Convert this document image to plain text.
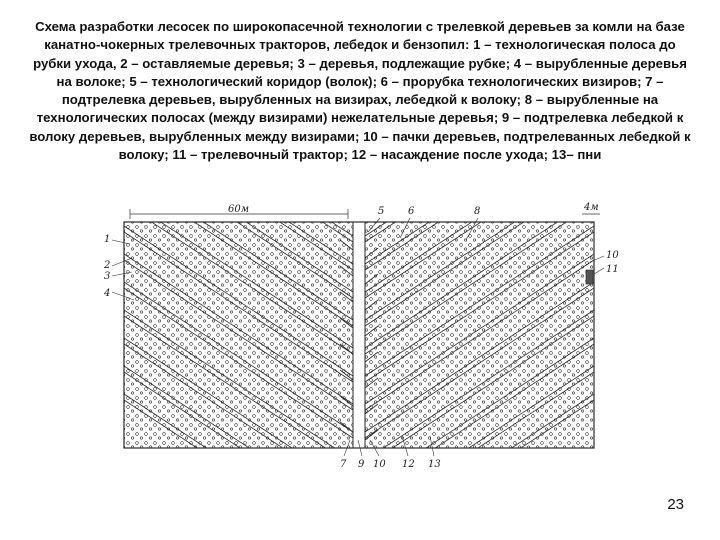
Схема разработки лесосек по широкопасечной технологии с трелевкой деревьев за комли на базе канатно-чокерных трелевочных тракторов, лебедок и бензопил: 1 – технологическая полоса до рубки ухода, 2 – оставляемые деревья; 3 – деревья, подлежащие рубке; 4 – вырубленные деревья на волоке; 5 – технологический коридор (волок); 6 – прорубка технологических визиров; 7 – подтрелевка деревьев, вырубленных на визирах, лебедкой к волоку; 8 – вырубленные на технологических полосах (между визирами) нежелательные деревья; 9 – подтрелевка лебедкой к волоку деревьев, вырубленных между визирами; 10 – пачки деревьев, подтрелеванных лебедкой к волоку; 11 – трелевочный трактор; 12 – насаждение после ухода; 13– пни
60м	4м
1
2
3
4
5 6	8
10
11
7 9 10 12 13
23
